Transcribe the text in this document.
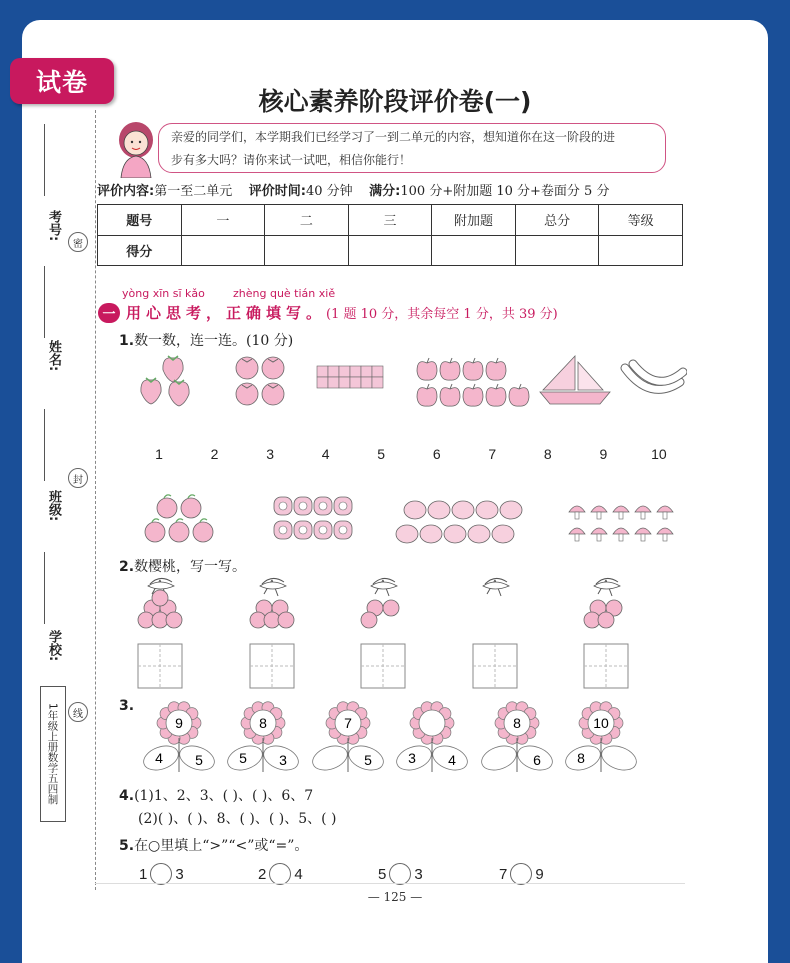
试卷
核心素养阶段评价卷(一)
考号:
姓名:
班级:
学校:
密
封
线
1年级上册数学五四制
亲爱的同学们，本学期我们已经学习了一到二单元的内容，想知道你在这一阶段的进
步有多大吗？请你来试一试吧，相信你能行！
评价内容:第一至二单元 评价时间:40 分钟 满分:100 分+附加题 10 分+卷面分 5 分
题号	一	二	三	附加题	总分	等级
得分						
yòng xīn sī kǎo	zhèng què tián xiě
一 用心思考，正确填写。 (1 题 10 分，其余每空 1 分，共 39 分)
1.数一数，连一连。(10 分)
1	2	3	4	5	6	7	8	9	10
2.数樱桃，写一写。
3.
9
4 5
8
5 3
7
5	3 4
8
6
10
8
4.(1)1、2、3、( )、( )、6、7
(2)( )、( )、8、( )、( )、5、( )
5.在○里填上“>”“<”或“=”。
1 3	2 4	5 3	7 9
— 125 —
